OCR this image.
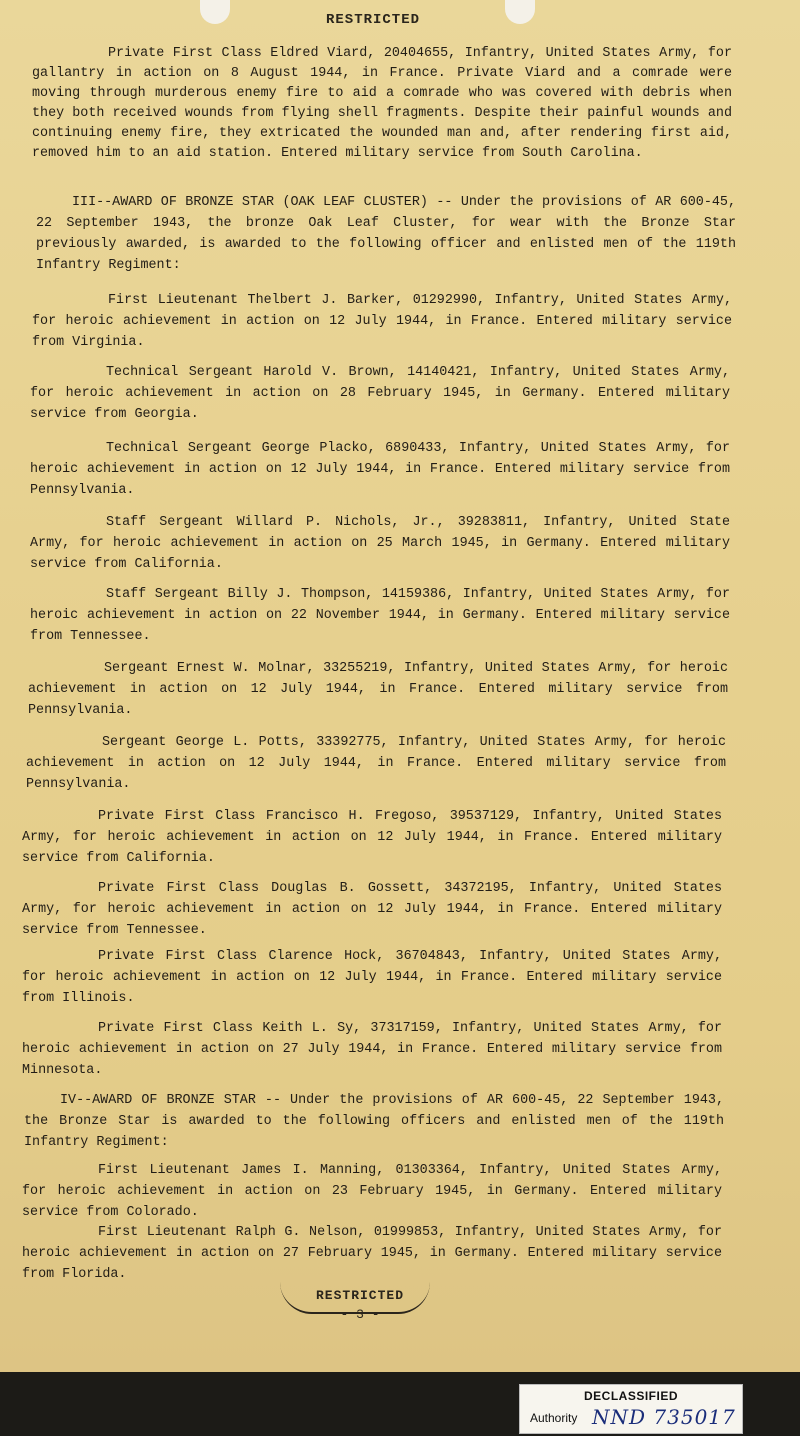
RESTRICTED
Private First Class Eldred Viard, 20404655, Infantry, United States Army, for gallantry in action on 8 August 1944, in France. Private Viard and a comrade were moving through murderous enemy fire to aid a comrade who was covered with debris when they both received wounds from flying shell fragments. Despite their painful wounds and continuing enemy fire, they extricated the wounded man and, after rendering first aid, removed him to an aid station. Entered military service from South Carolina.
III--AWARD OF BRONZE STAR (OAK LEAF CLUSTER) -- Under the provisions of AR 600-45, 22 September 1943, the bronze Oak Leaf Cluster, for wear with the Bronze Star previously awarded, is awarded to the following officer and enlisted men of the 119th Infantry Regiment:
First Lieutenant Thelbert J. Barker, 01292990, Infantry, United States Army, for heroic achievement in action on 12 July 1944, in France. Entered military service from Virginia.
Technical Sergeant Harold V. Brown, 14140421, Infantry, United States Army, for heroic achievement in action on 28 February 1945, in Germany. Entered military service from Georgia.
Technical Sergeant George Placko, 6890433, Infantry, United States Army, for heroic achievement in action on 12 July 1944, in France. Entered military service from Pennsylvania.
Staff Sergeant Willard P. Nichols, Jr., 39283811, Infantry, United State Army, for heroic achievement in action on 25 March 1945, in Germany. Entered military service from California.
Staff Sergeant Billy J. Thompson, 14159386, Infantry, United States Army, for heroic achievement in action on 22 November 1944, in Germany. Entered military service from Tennessee.
Sergeant Ernest W. Molnar, 33255219, Infantry, United States Army, for heroic achievement in action on 12 July 1944, in France. Entered military service from Pennsylvania.
Sergeant George L. Potts, 33392775, Infantry, United States Army, for heroic achievement in action on 12 July 1944, in France. Entered military service from Pennsylvania.
Private First Class Francisco H. Fregoso, 39537129, Infantry, United States Army, for heroic achievement in action on 12 July 1944, in France. Entered military service from California.
Private First Class Douglas B. Gossett, 34372195, Infantry, United States Army, for heroic achievement in action on 12 July 1944, in France. Entered military service from Tennessee.
Private First Class Clarence Hock, 36704843, Infantry, United States Army, for heroic achievement in action on 12 July 1944, in France. Entered military service from Illinois.
Private First Class Keith L. Sy, 37317159, Infantry, United States Army, for heroic achievement in action on 27 July 1944, in France. Entered military service from Minnesota.
IV--AWARD OF BRONZE STAR -- Under the provisions of AR 600-45, 22 September 1943, the Bronze Star is awarded to the following officers and enlisted men of the 119th Infantry Regiment:
First Lieutenant James I. Manning, 01303364, Infantry, United States Army, for heroic achievement in action on 23 February 1945, in Germany. Entered military service from Colorado.
First Lieutenant Ralph G. Nelson, 01999853, Infantry, United States Army, for heroic achievement in action on 27 February 1945, in Germany. Entered military service from Florida.
RESTRICTED
- 3 -
DECLASSIFIED
Authority NND 735017
